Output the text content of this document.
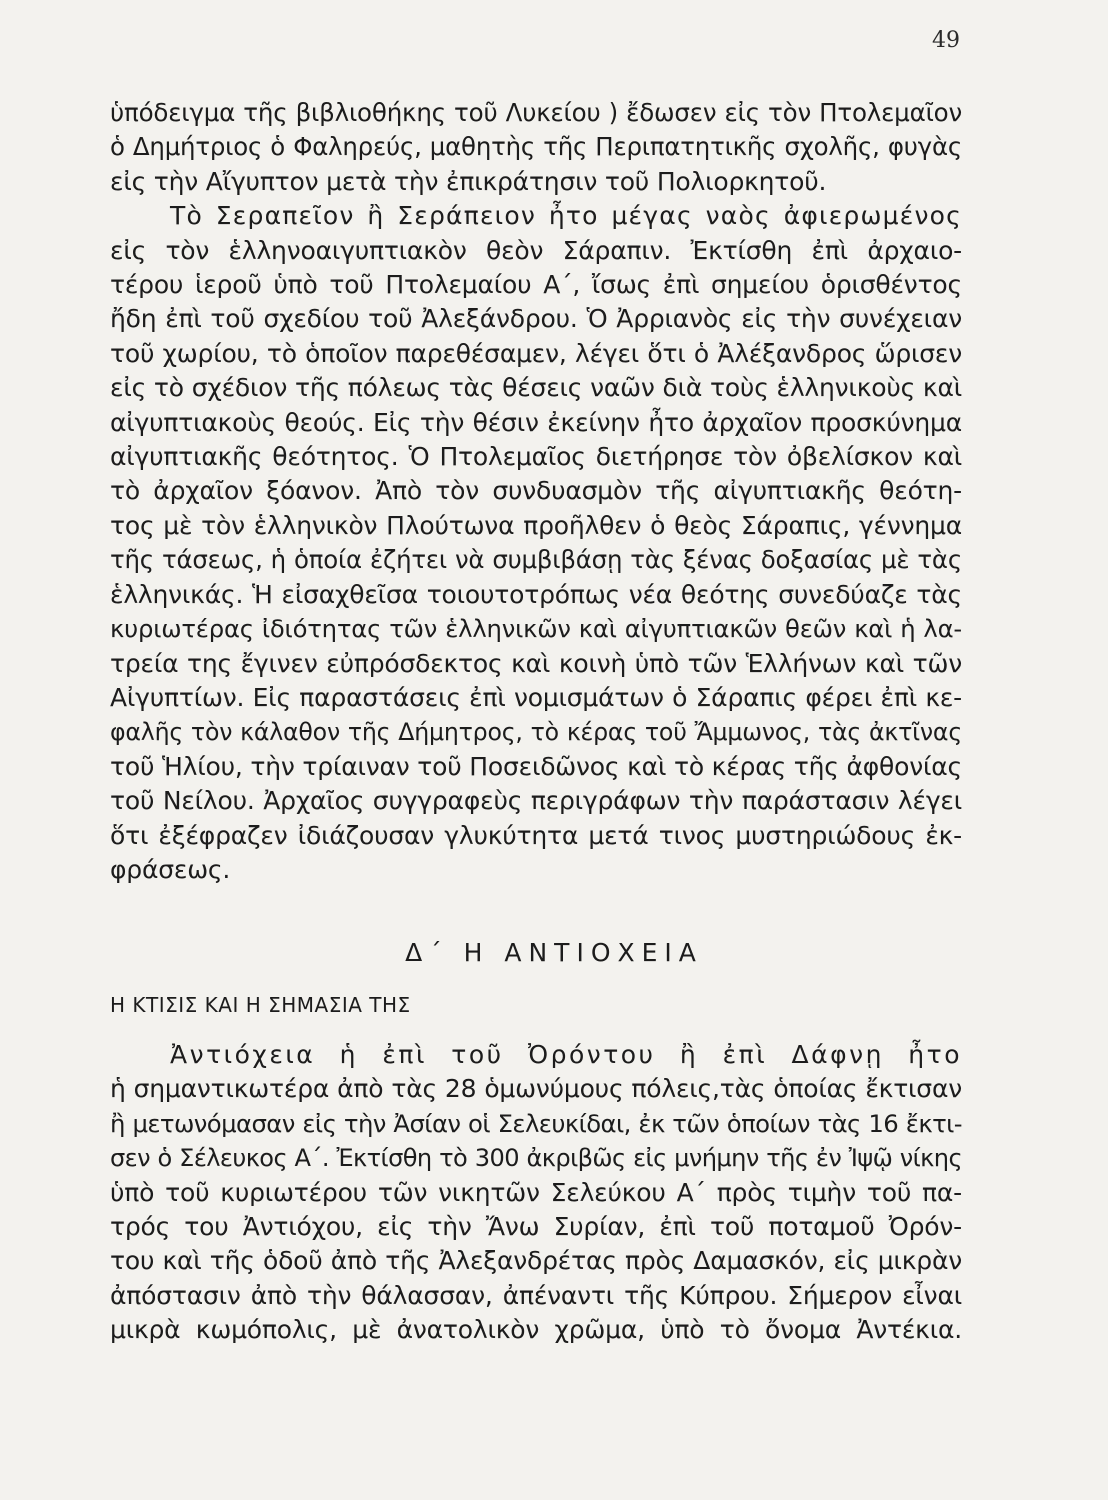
49
ὑπόδειγμα τῆς βιβλιοθήκης τοῦ Λυκείου ) ἔδωσεν εἰς τὸν Πτολεμαῖον
ὁ Δημήτριος ὁ Φαληρεύς, μαθητὴς τῆς Περιπατητικῆς σχολῆς, φυγὰς
εἰς τὴν Αἴγυπτον μετὰ τὴν ἐπικράτησιν τοῦ Πολιορκητοῦ.
Τὸ Σεραπεῖον ἢ Σεράπειον ἦτο μέγας ναὸς ἀφιερωμένος
εἰς τὸν ἑλληνοαιγυπτιακὸν θεὸν Σάραπιν. Ἐκτίσθη ἐπὶ ἀρχαιο-
τέρου ἱεροῦ ὑπὸ τοῦ Πτολεμαίου Α΄, ἴσως ἐπὶ σημείου ὁρισθέντος
ἤδη ἐπὶ τοῦ σχεδίου τοῦ Ἀλεξάνδρου. Ὁ Ἀρριανὸς εἰς τὴν συνέχειαν
τοῦ χωρίου, τὸ ὁποῖον παρεθέσαμεν, λέγει ὅτι ὁ Ἀλέξανδρος ὥρισεν
εἰς τὸ σχέδιον τῆς πόλεως τὰς θέσεις ναῶν διὰ τοὺς ἑλληνικοὺς καὶ
αἰγυπτιακοὺς θεούς. Εἰς τὴν θέσιν ἐκείνην ἦτο ἀρχαῖον προσκύνημα
αἰγυπτιακῆς θεότητος. Ὁ Πτολεμαῖος διετήρησε τὸν ὀβελίσκον καὶ
τὸ ἀρχαῖον ξόανον. Ἀπὸ τὸν συνδυασμὸν τῆς αἰγυπτιακῆς θεότη-
τος μὲ τὸν ἑλληνικὸν Πλούτωνα προῆλθεν ὁ θεὸς Σάραπις, γέννημα
τῆς τάσεως, ἡ ὁποία ἐζήτει νὰ συμβιβάσῃ τὰς ξένας δοξασίας μὲ τὰς
ἑλληνικάς. Ἡ εἰσαχθεῖσα τοιουτοτρόπως νέα θεότης συνεδύαζε τὰς
κυριωτέρας ἰδιότητας τῶν ἑλληνικῶν καὶ αἰγυπτιακῶν θεῶν καὶ ἡ λα-
τρεία της ἔγινεν εὐπρόσδεκτος καὶ κοινὴ ὑπὸ τῶν Ἑλλήνων καὶ τῶν
Αἰγυπτίων. Εἰς παραστάσεις ἐπὶ νομισμάτων ὁ Σάραπις φέρει ἐπὶ κε-
φαλῆς τὸν κάλαθον τῆς Δήμητρος, τὸ κέρας τοῦ Ἄμμωνος, τὰς ἀκτῖνας
τοῦ Ἡλίου, τὴν τρίαιναν τοῦ Ποσειδῶνος καὶ τὸ κέρας τῆς ἀφθονίας
τοῦ Νείλου. Ἀρχαῖος συγγραφεὺς περιγράφων τὴν παράστασιν λέγει
ὅτι ἐξέφραζεν ἰδιάζουσαν γλυκύτητα μετά τινος μυστηριώδους ἐκ-
φράσεως.
Δ΄ Η ΑΝΤΙΟΧΕΙΑ
Η ΚΤΙΣΙΣ ΚΑΙ Η ΣΗΜΑΣΙΑ ΤΗΣ
Ἀντιόχεια ἡ ἐπὶ τοῦ Ὀρόντου ἢ ἐπὶ Δάφνῃ ἦτο
ἡ σημαντικωτέρα ἀπὸ τὰς 28 ὁμωνύμους πόλεις,τὰς ὁποίας ἔκτισαν
ἢ μετωνόμασαν εἰς τὴν Ἀσίαν οἱ Σελευκίδαι, ἐκ τῶν ὁποίων τὰς 16 ἔκτι-
σεν ὁ Σέλευκος Α΄. Ἐκτίσθη τὸ 300 ἀκριβῶς εἰς μνήμην τῆς ἐν Ἰψῷ νίκης
ὑπὸ τοῦ κυριωτέρου τῶν νικητῶν Σελεύκου Α΄ πρὸς τιμὴν τοῦ πα-
τρός του Ἀντιόχου, εἰς τὴν Ἄνω Συρίαν, ἐπὶ τοῦ ποταμοῦ Ὀρόν-
του καὶ τῆς ὁδοῦ ἀπὸ τῆς Ἀλεξανδρέτας πρὸς Δαμασκόν, εἰς μικρὰν
ἀπόστασιν ἀπὸ τὴν θάλασσαν, ἀπέναντι τῆς Κύπρου. Σήμερον εἶναι
μικρὰ κωμόπολις, μὲ ἀνατολικὸν χρῶμα, ὑπὸ τὸ ὄνομα Ἀντέκια.
